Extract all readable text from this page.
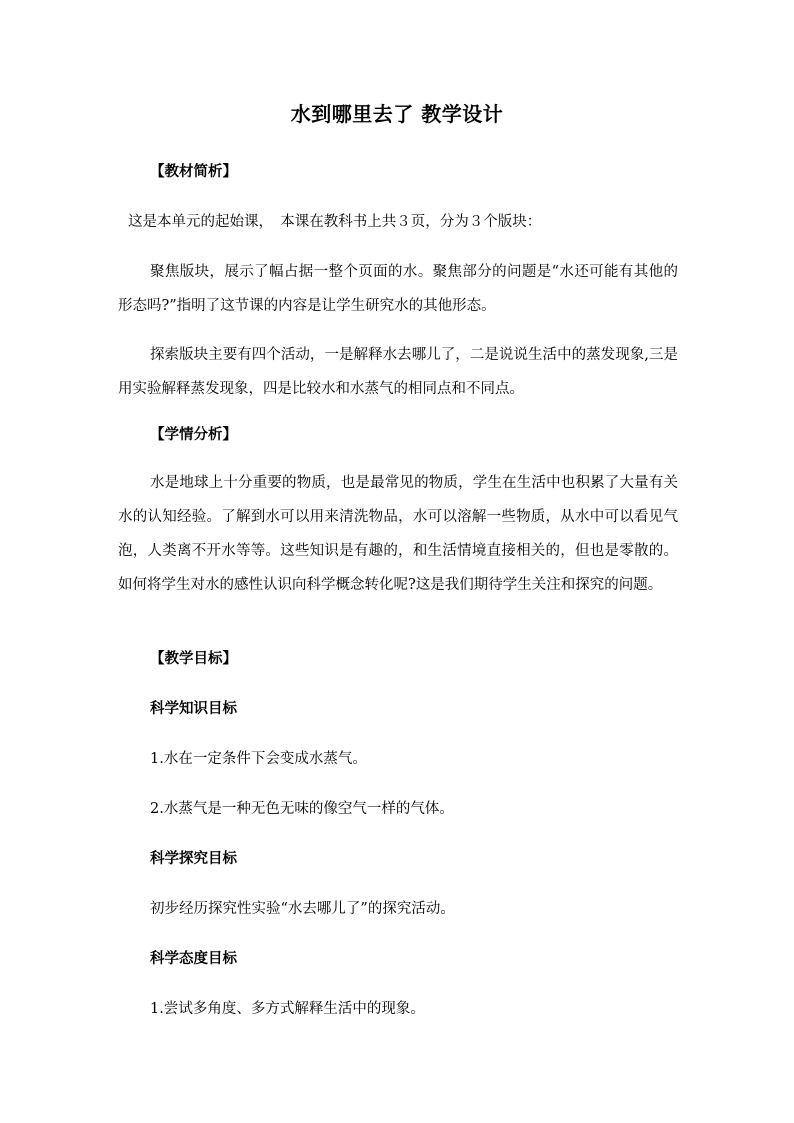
水到哪里去了 教学设计
【教材简析】
这是本单元的起始课，　本课在教科书上共３页，分为３个版块：
聚焦版块，展示了幅占据一整个页面的水。聚焦部分的问题是“水还可能有其他的形态吗?”指明了这节课的内容是让学生研究水的其他形态。
探索版块主要有四个活动，一是解释水去哪儿了，二是说说生活中的蒸发现象,三是用实验解释蒸发现象，四是比较水和水蒸气的相同点和不同点。
【学情分析】
水是地球上十分重要的物质，也是最常见的物质，学生在生活中也积累了大量有关水的认知经验。了解到水可以用来清洗物品，水可以溶解一些物质，从水中可以看见气泡，人类离不开水等等。这些知识是有趣的，和生活情境直接相关的，但也是零散的。如何将学生对水的感性认识向科学概念转化呢?这是我们期待学生关注和探究的问题。
【教学目标】
科学知识目标
1.水在一定条件下会变成水蒸气。
2.水蒸气是一种无色无味的像空气一样的气体。
科学探究目标
初步经历探究性实验“水去哪儿了”的探究活动。
科学态度目标
1.尝试多角度、多方式解释生活中的现象。
